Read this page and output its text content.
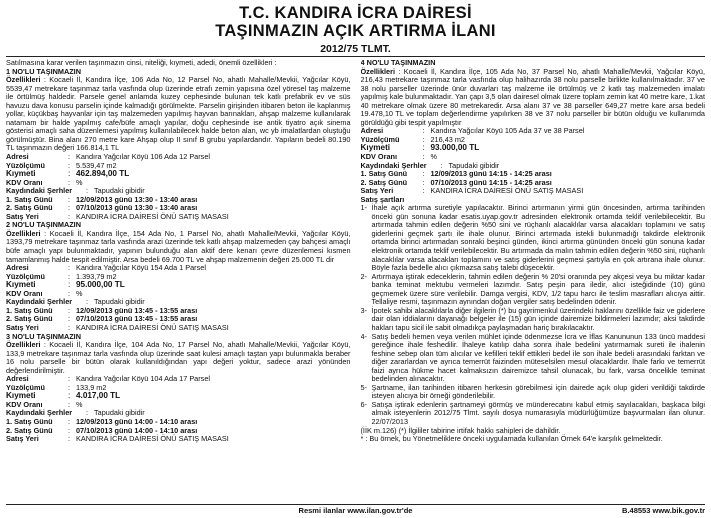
T.C. KANDIRA İCRA DAİRESİ
TAŞINMAZIN AÇIK ARTIRMA İLANI
2012/75 TLMT.

Satılmasına karar verilen taşınmazın cinsi, niteliği, kıymeti, adedi, önemli özellikleri :

1 NO'LU TAŞINMAZIN

Özellikleri : Kocaeli İl, Kandıra İlçe, 106 Ada No, 12 Parsel No, ahatlı Mahalle/Mevkii, Yağcılar Köyü, 5539,47 metrekare taşınmaz tarla vasfında olup üzerinde etrafı zemin yapısına özel yöresel taş malzeme ile örtülmüş haldedir. Parsele genel anlamda kuzey cephesinde bulunan tek katlı prefabrik ev ve süs havuzu dava konusu parselin içinde kalmadığı görülmekte. Parselin girişinden itibaren beton ile kaplanmış yollar, küçükbaş hayvanlar için taş malzemeden yapılmış hayvan barınakları, ahşap malzeme kullanılarak natamam bir halde yapılmış cafe/büfe amaçlı yapılar, doğu cephesinde ise antik tiyatro açık sinema gösterisi amaçlı saha düzenlemesi yapılmış kullanılabilecek halde beton alan, wc yb imalatlardan oluştuğu görülmüştür. Bina alanı 270 metre kare Ahşap olup II sınıf B grubu yapılardandır. Yapıların bedeli 80.190 TL taşınmazın değeri 166.814,1 TL

Adresi	: Kandıra Yağcılar Köyü 106 Ada 12 Parsel
Yüzölçümü	: 5.539,47 m2
Kıymeti	: 462.894,00 TL
KDV Oranı	: %
Kaydındaki Şerhler	: Tapudaki gibidir
1. Satış Günü	: 12/09/2013 günü 13:30 - 13:40 arası
2. Satış Günü	: 07/10/2013 günü 13:30 - 13:40 arası
Satış Yeri	: KANDIRA İCRA DAİRESİ ÖNÜ SATIŞ MASASI
2 NO'LU TAŞINMAZIN

Özellikleri : Kocaeli İl, Kandıra İlçe, 154 Ada No, 1 Parsel No, ahatlı Mahalle/Mevkii, Yağcılar Köyü, 1393,79 metrekare taşınmaz tarla vasfında arazi üzerinde tek katlı ahşap malzemeden çay bahçesi amaçlı büfe amaçlı yapı bulunmaktadır, yapının bulunduğu alan aktif dere kenarı çevre düzenlemesi kısmen tamamlanmış halde tespit edilmiştir. Arsa bedeli 69.700 TL ve ahşap malzemenin değeri 25.000 TL dir

Adresi	: Kandıra Yağcılar Köyü 154 Ada 1 Parsel
Yüzölçümü	: 1.393,79 m2
Kıymeti	: 95.000,00 TL
KDV Oranı	: %
Kaydındaki Şerhler	: Tapudaki gibidir
1. Satış Günü	: 12/09/2013 günü 13:45 - 13:55 arası
2. Satış Günü	: 07/10/2013 günü 13:45 - 13:55 arası
Satış Yeri	: KANDIRA İCRA DAİRESİ ÖNÜ SATIŞ MASASI
3 NO'LU TAŞINMAZIN

Özellikleri : Kocaeli İl, Kandıra İlçe, 104 Ada No, 17 Parsel No, ahatlı Mahalle/Mevkii, Yağcılar Köyü, 133,9 metrekare taşınmaz tarla vasfında olup üzerinde saat kulesi amaçlı taştan yapı bulunmakla beraber 16 nolu parselle bir bütün olarak kullanıldığından yapı değeri yoktur, sadece arazi yönünden değerlendirilmiştir.

Adresi	: Kandıra Yağcılar Köyü 104 Ada 17 Parsel
Yüzölçümü	: 133,9 m2
Kıymeti	: 4.017,00 TL
KDV Oranı	: %
Kaydındaki Şerhler	: Tapudaki gibidir
1. Satış Günü	: 12/09/2013 günü 14:00 - 14:10 arası
2. Satış Günü	: 07/10/2013 günü 14:00 - 14:10 arası
Satış Yeri	: KANDIRA İCRA DAİRESİ ÖNÜ SATIŞ MASASI
4 NO'LU TAŞINMAZIN

Özellikleri : Kocaeli İl, Kandıra İlçe, 105 Ada No, 37 Parsel No, ahatlı Mahalle/Mevkii, Yağcılar Köyü, 216,43 metrekare taşınmaz tarla vasfında olup halihazırda 38 nolu parselle birlikte kullanılmaktadır. 37 ve 38 nolu parseller üzerinde ünür duvarları taş malzeme ile örtülmüş ve 2 katlı taş malzemeden imalatı yapılmış kale bulunmaktadır. Yan çapı 3,5 olan dairesel olmak üzere toplam zemin kat 40 metre kare, 1.kat 40 metrekare olmak üzere 80 metrekaredir. Arsa alanı 37 ve 38 parseller 649,27 metre kare arsa bedeli 19.478,10 TL ve toplam değerlendirme yapılırken 38 ve 37 nolu parseller bir bütün olduğu ve kullanımda görüldüğü gibi tespit yapılmıştır

Adresi	: Kandıra Yağcılar Köyü 105 Ada 37 ve 38 Parsel
Yüzölçümü	: 216,43 m2
Kıymeti	: 93.000,00 TL
KDV Oranı	: %
Kaydındaki Şerhler	: Tapudaki gibidir
1. Satış Günü	: 12/09/2013 günü 14:15 - 14:25 arası
2. Satış Günü	: 07/10/2013 günü 14:15 - 14:25 arası
Satış Yeri	: KANDIRA İCRA DAİRESİ ÖNÜ SATIŞ MASASI
Satış şartları
1- İhale açık artırma suretiyle yapılacaktır. Birinci artırmanın yirmi gün öncesinden, artırma tarihinden önceki gün sonuna kadar esatis.uyap.gov.tr adresinden elektronik ortamda teklif verilebilecektir. Bu artırmada tahmin edilen değerin %50 sini ve rüçhanlı alacaklılar varsa alacakları toplamını ve satış giderlerini geçmek şartı ile ihale olunur. Birinci artırmada istekli bulunmadığı takdirde elektronik ortamda birinci artırmadan sonraki beşinci günden, ikinci artırma gününden önceki gün sonuna kadar elektronik ortamda teklif verilebilecektir. Bu artırmada da malın tahmin edilen değerin %50 sini, rüçhanlı alacaklılar varsa alacakları toplamını ve satış giderlerini geçmesi şartıyla en çok artırana ihale olunur. Böyle fazla bedelle alıcı çıkmazsa satış talebi düşecektir.
2- Artırmaya iştirak edeceklerin, tahmin edilen değerin % 20'si oranında pey akçesi veya bu miktar kadar banka teminat mektubu vermeleri lazımdır. Satış peşin para iledir, alıcı isteğidinde (10) günü geçmemek üzere süre verilebilir. Damga vergisi, KDV, 1/2 tapu harcı ile teslim masrafları alıcıya aittir. Tellaliye resmi, taşınmazın aynından doğan vergiler satış bedelinden ödenir.
3- İpotek sahibi alacaklılarla diğer ilgilerin (*) bu gayrimenkul üzerindeki haklarını özellikle faiz ve giderlere dair olan iddialarını dayanağı belgeler ile (15) gün içinde dairemize bildirmeleri lazımdır; aksi takdirde hakları tapu sicil ile sabit olmadıkça paylaşmadan hariç bırakılacaktır.
4- Satış bedeli hemen veya verilen mühlet içinde ödenmezse İcra ve İflas Kanununun 133 üncü maddesi gereğince ihale feshedilir. İhaleye katılıp daha sonra ihale bedelini yatırmamak sureti ile ihalenin feshine sebep olan tüm alıcılar ve kefilleri teklif ettikleri bedel ile son ihale bedeli arasındaki farktan ve diğer zararlardan ve ayrıca temerrüt faizinden müteselsilen mesul olacaklardır. İhale farkı ve temerrüt faizi ayrıca hükme hacet kalmaksızın dairemizce tahsil olunacak, bu fark, varsa öncelikle teminat bedelinden alınacaktır.
5- Şartname, ilan tarihinden itibaren herkesin görebilmesi için dairede açık olup gideri verildiği takdirde isteyen alıcıya bir örneği gönderilebilir.
6- Satışa iştirak edenlerin şartnameyi görmüş ve münderecatını kabul etmiş sayılacakları, başkaca bilgi almak isteyenlerin 2012/75 Tlmt. sayılı dosya numarasıyla müdürlüğümüze başvurmaları ilan olunur. 22/07/2013

(İİK m.126) (*) İlgililer tabirine irtifak hakkı sahipleri de dahildir.

* : Bu örnek, bu Yönetmeliklere önceki uygulamada kullanılan Örnek 64'e karşılık gelmektedir.

Resmi ilanlar www.ilan.gov.tr'de	B.48553 www.bik.gov.tr
